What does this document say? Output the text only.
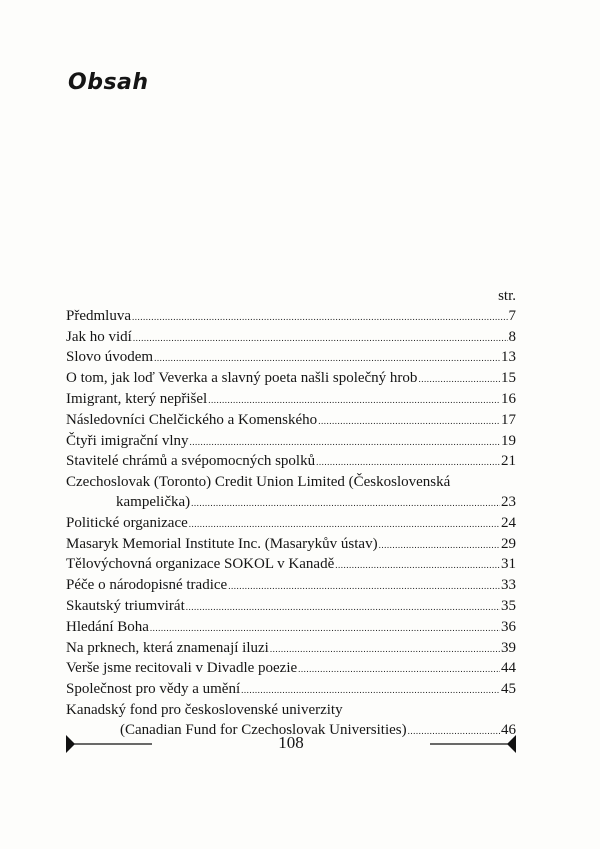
Obsah
str.
Předmluva .....	7
Jak ho vidí .....	8
Slovo úvodem .....	13
O tom, jak loď Veverka a slavný poeta našli společný hrob .....	15
Imigrant, který nepřišel .....	16
Následovníci Chelčického a Komenského .....	17
Čtyři imigrační vlny .....	19
Stavitelé chrámů a svépomocných spolků .....	21
Czechoslovak (Toronto) Credit Union Limited (Československá
kampelička) .....	23
Politické organizace .....	24
Masaryk Memorial Institute Inc. (Masarykův ústav) .....	29
Tělovýchovná organizace SOKOL v Kanadě .....	31
Péče o národopisné tradice .....	33
Skautský triumvirát .....	35
Hledání Boha .....	36
Na prknech, která znamenají iluzi .....	39
Verše jsme recitovali v Divadle poezie .....	44
Společnost pro vědy a umění .....	45
Kanadský fond pro československé univerzity
(Canadian Fund for Czechoslovak Universities) .....	46
108
